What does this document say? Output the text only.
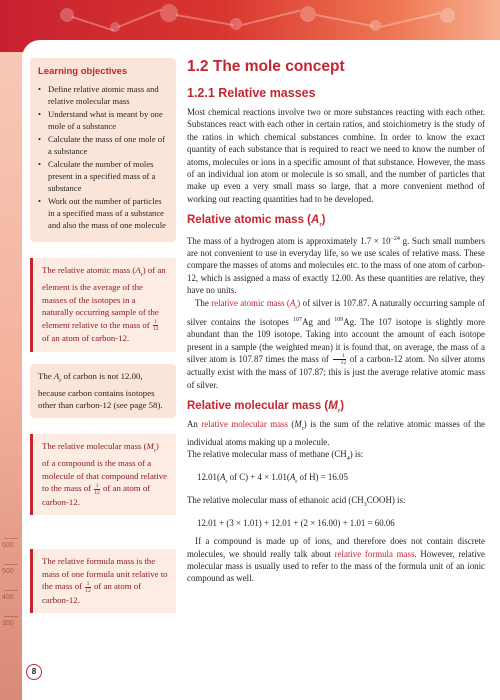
600
500
400
300
Learning objectives
• Define relative atomic mass and relative molecular mass
• Understand what is meant by one mole of a substance
• Calculate the mass of one mole of a substance
• Calculate the number of moles present in a specified mass of a substance
• Work out the number of particles in a specified mass of a substance and also the mass of one molecule
The relative atomic mass $(A_r)$ of an element is the average of the masses of the isotopes in a naturally occurring sample of the element relative to the mass of $\frac{1}{12}$
of an atom of carbon-12.
The $A_r$ of carbon is not 12.00, because carbon contains isotopes other than carbon-12 (see page 58).
The relative molecular mass $(M_r)$ of a compound is the mass of a molecule of that compound relative to the mass of $\frac{1}{12}$ of an atom of carbon-12.
The relative formula mass is the mass of one formula unit relative to the mass of $\frac{1}{12}$ of an atom of carbon-12.
1.2 The mole concept
1.2.1 Relative masses

Most chemical reactions involve two or more substances reacting with each other. Substances react with each other in certain ratios, and stoichiometry is the study of the ratios in which chemical substances combine. In order to know the exact quantity of each substance that is required to react we need to know the number of atoms, molecules or ions in a specific amount of that substance. However, the mass of an individual ion atom or molecule is so small, and the number of particles that make up even a very small mass so large, that a more convenient method of working out reacting quantities had to be developed.

Relative atomic mass $(A_r)$

The mass of a hydrogen atom is approximately $1.7 \times 10^{-24}$ g. Such small numbers are not convenient to use in everyday life, so we use scales of relative mass. These compare the masses of atoms and molecules etc. to the mass of one atom of carbon-12, which is assigned a mass of exactly 12.00. As these quantities are relative, they have no units.

The relative atomic mass $(A_r)$ of silver is 107.87. A naturally occurring sample of silver contains the isotopes $^{107}$Ag and $^{109}$Ag. The 107 isotope is slightly more abundant than the 109 isotope. Taking into account the amount of each isotope present in a sample (the weighted mean) it is found that, on average, the mass of a silver atom is 107.87 times the mass of $\frac{1}{12}$ of a carbon-12 atom. No silver atoms actually exist with the mass of 107.87; this is just the average relative atomic mass of silver.

Relative molecular mass $(M_r)$

An relative molecular mass $(M_r)$ is the sum of the relative atomic masses of the individual atoms making up a molecule.

The relative molecular mass of methane $(CH_4)$ is:

$12.01(A_r$ of $C) + 4 \times 1.01(A_r$ of H) = 16.05

The relative molecular mass of ethanoic acid $(CH_3COOH)$ is:

12.01 + (3 × 1.01) + 12.01 + (2 × 16.00) + 1.01 = 60.06

If a compound is made up of ions, and therefore does not contain discrete molecules, we should really talk about relative formula mass. However, relative molecular mass is usually used to refer to the mass of the formula unit of an ionic compound as well.

8
